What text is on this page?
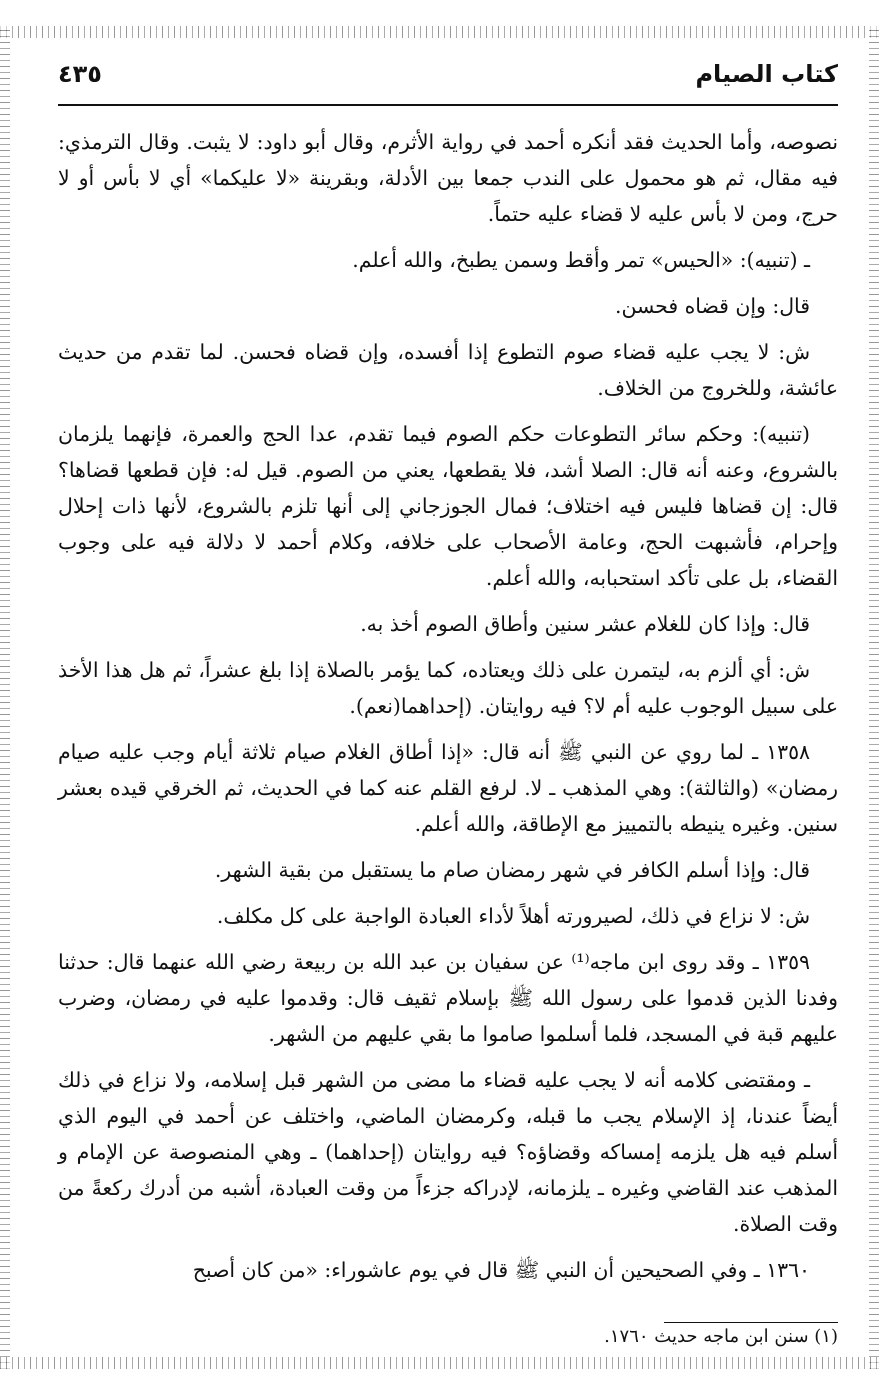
كتاب الصيام
٤٣٥

نصوصه، وأما الحديث فقد أنكره أحمد في رواية الأثرم، وقال أبو داود: لا يثبت. وقال الترمذي: فيه مقال، ثم هو محمول على الندب جمعا بين الأدلة، وبقرينة «لا عليكما» أي لا بأس أو لا حرج، ومن لا بأس عليه لا قضاء عليه حتماً.

ـ (تنبيه): «الحيس» تمر وأقط وسمن يطبخ، والله أعلم.

قال: وإن قضاه فحسن.

ش: لا يجب عليه قضاء صوم التطوع إذا أفسده، وإن قضاه فحسن. لما تقدم من حديث عائشة، وللخروج من الخلاف.

(تنبيه): وحكم سائر التطوعات حكم الصوم فيما تقدم، عدا الحج والعمرة، فإنهما يلزمان بالشروع، وعنه أنه قال: الصلا أشد، فلا يقطعها، يعني من الصوم. قيل له: فإن قطعها قضاها؟ قال: إن قضاها فليس فيه اختلاف؛ فمال الجوزجاني إلى أنها تلزم بالشروع، لأنها ذات إحلال وإحرام، فأشبهت الحج، وعامة الأصحاب على خلافه، وكلام أحمد لا دلالة فيه على وجوب القضاء، بل على تأكد استحبابه، والله أعلم.

قال: وإذا كان للغلام عشر سنين وأطاق الصوم أخذ به.

ش: أي ألزم به، ليتمرن على ذلك ويعتاده، كما يؤمر بالصلاة إذا بلغ عشراً، ثم هل هذا الأخذ على سبيل الوجوب عليه أم لا؟ فيه روايتان. (إحداهما(نعم).

١٣٥٨ ـ لما روي عن النبي ﷺ أنه قال: «إذا أطاق الغلام صيام ثلاثة أيام وجب عليه صيام رمضان» (والثالثة): وهي المذهب ـ لا. لرفع القلم عنه كما في الحديث، ثم الخرقي قيده بعشر سنين. وغيره ينيطه بالتمييز مع الإطاقة، والله أعلم.

قال: وإذا أسلم الكافر في شهر رمضان صام ما يستقبل من بقية الشهر.

ش: لا نزاع في ذلك، لصيرورته أهلاً لأداء العبادة الواجبة على كل مكلف.

١٣٥٩ ـ وقد روى ابن ماجه⁽¹⁾ عن سفيان بن عبد الله بن ربيعة رضي الله عنهما قال: حدثنا وفدنا الذين قدموا على رسول الله ﷺ بإسلام ثقيف قال: وقدموا عليه في رمضان، وضرب عليهم قبة في المسجد، فلما أسلموا صاموا ما بقي عليهم من الشهر.

ـ ومقتضى كلامه أنه لا يجب عليه قضاء ما مضى من الشهر قبل إسلامه، ولا نزاع في ذلك أيضاً عندنا، إذ الإسلام يجب ما قبله، وكرمضان الماضي، واختلف عن أحمد في اليوم الذي أسلم فيه هل يلزمه إمساكه وقضاؤه؟ فيه روايتان (إحداهما) ـ وهي المنصوصة عن الإمام و المذهب عند القاضي وغيره ـ يلزمانه، لإدراكه جزءاً من وقت العبادة، أشبه من أدرك ركعةً من وقت الصلاة.

١٣٦٠ ـ وفي الصحيحين أن النبي ﷺ قال في يوم عاشوراء: «من كان أصبح

(١) سنن ابن ماجه حديث ١٧٦٠.
